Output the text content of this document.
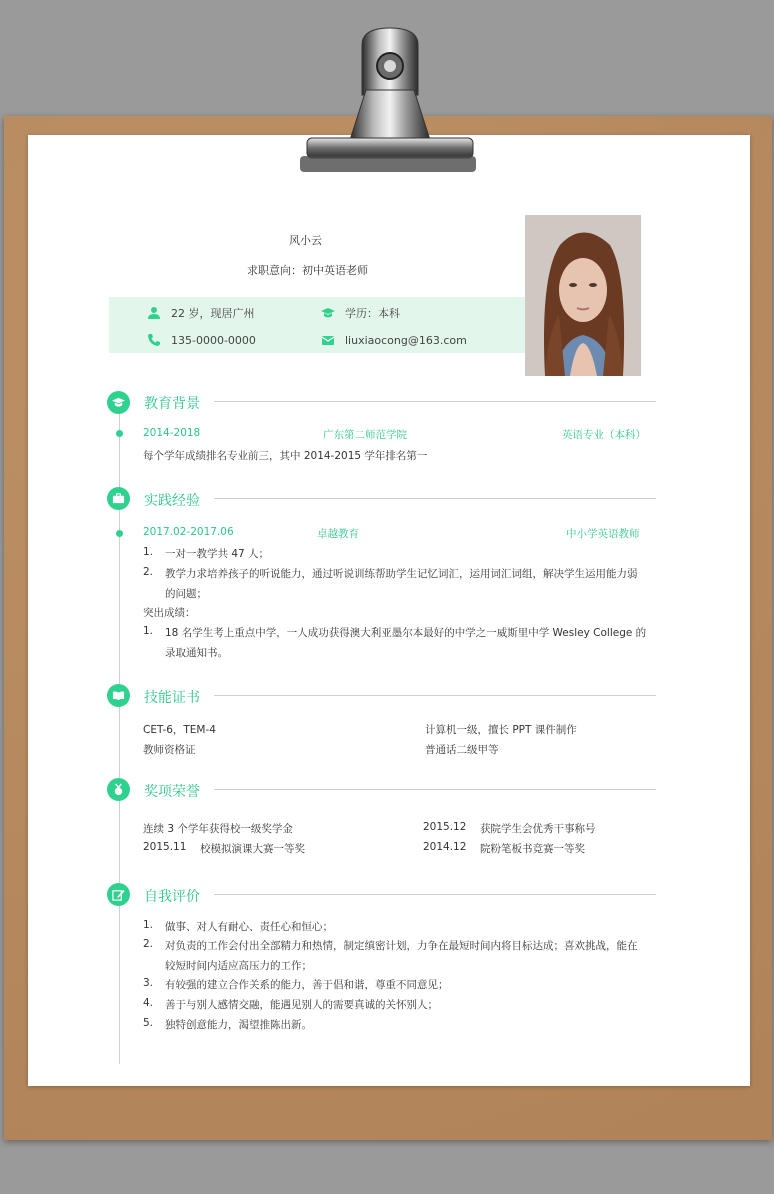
风小云
求职意向：初中英语老师
22 岁，现居广州	学历：本科
135-0000-0000	liuxiaocong@163.com
教育背景
2014-2018	广东第二师范学院	英语专业（本科）
每个学年成绩排名专业前三，其中 2014-2015 学年排名第一
实践经验
2017.02-2017.06	卓越教育	中小学英语教师
1. 一对一教学共 47 人；
2. 教学力求培养孩子的听说能力，通过听说训练帮助学生记忆词汇，运用词汇词组，解决学生运用能力弱
的问题；
突出成绩：
1. 18 名学生考上重点中学，一人成功获得澳大利亚墨尔本最好的中学之一威斯里中学 Wesley College 的
录取通知书。
技能证书
CET-6，TEM-4	计算机一级，擅长 PPT 课件制作
教师资格证	普通话二级甲等
奖项荣誉
连续 3 个学年获得校一级奖学金	2015.12 获院学生会优秀干事称号
2015.11 校模拟演课大赛一等奖	2014.12 院粉笔板书竞赛一等奖
自我评价
1. 做事、对人有耐心、责任心和恒心；
2. 对负责的工作会付出全部精力和热情，制定缜密计划，力争在最短时间内将目标达成；喜欢挑战，能在
较短时间内适应高压力的工作；
3. 有较强的建立合作关系的能力，善于倡和谐，尊重不同意见；
4. 善于与别人感情交融，能遇见别人的需要真诚的关怀别人；
5. 独特创意能力，渴望推陈出新。
